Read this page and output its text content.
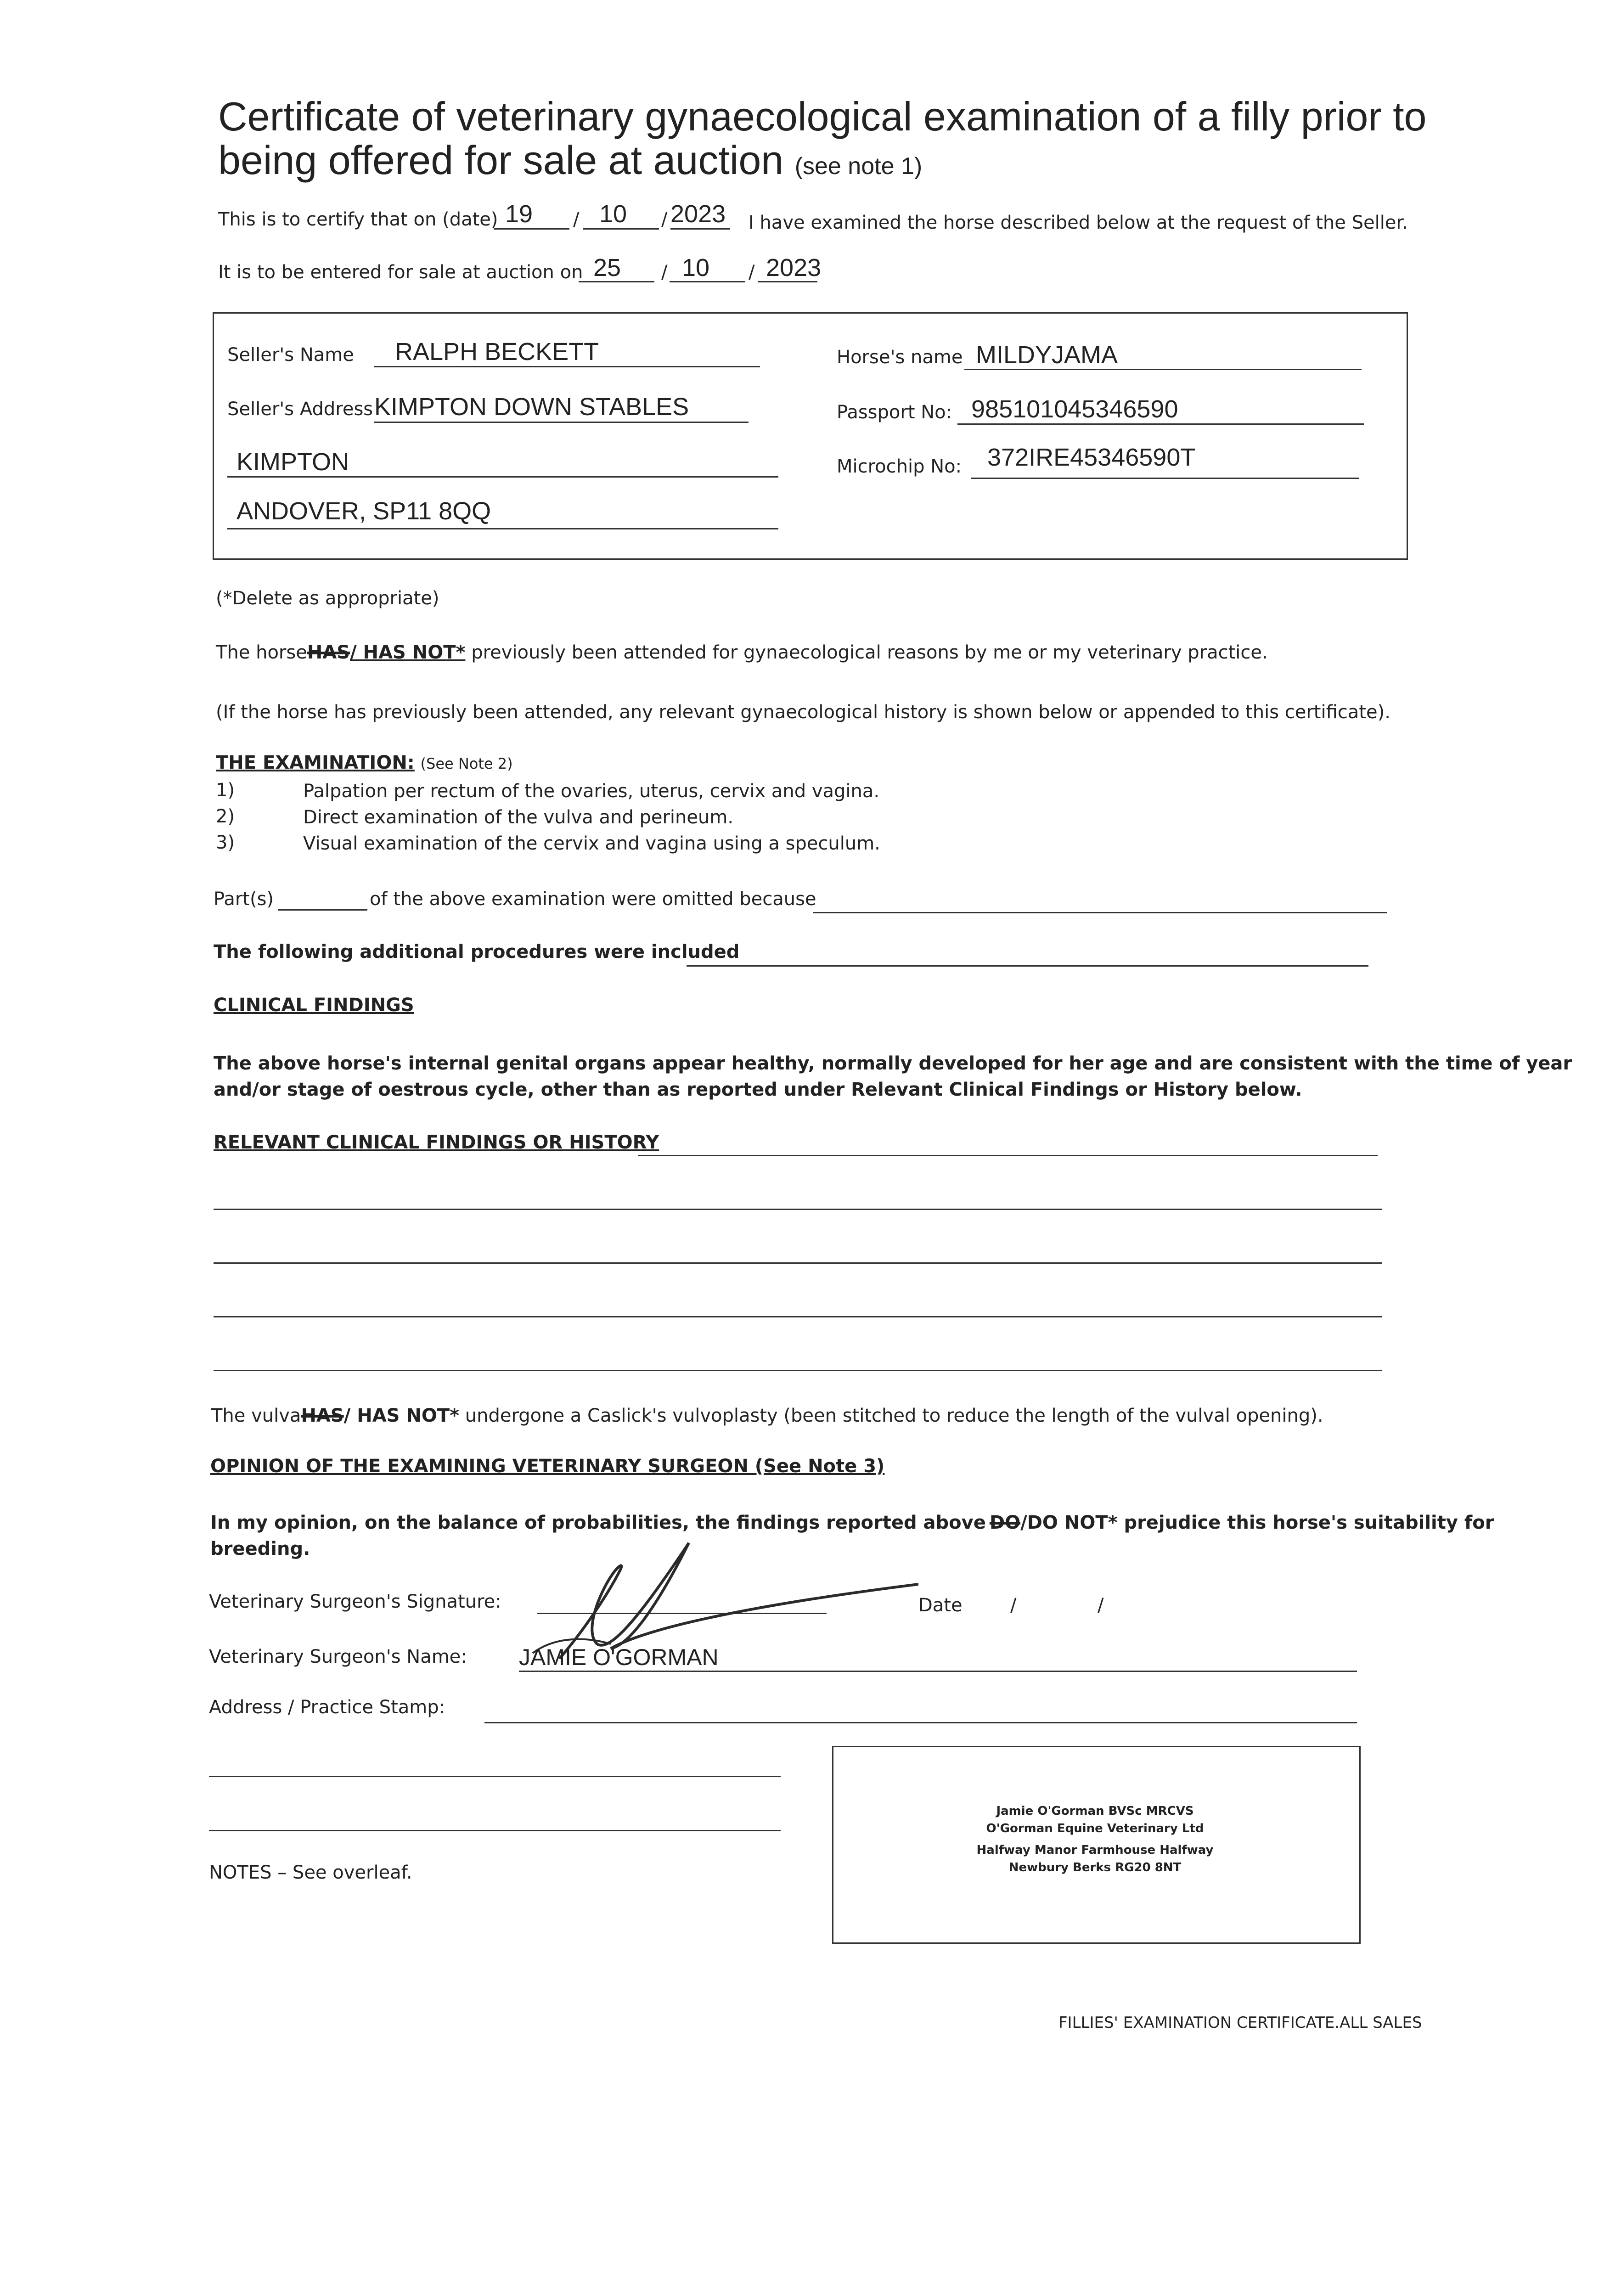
Certificate of veterinary gynaecological examination of a filly prior to
being offered for sale at auction (see note 1)
This is to certify that on (date) 19 / 10 / 2023 I have examined the horse described below at the request of the Seller.
It is to be entered for sale at auction on 25 / 10 / 2023
Seller's Name RALPH BECKETT
Seller's Address KIMPTON DOWN STABLES
KIMPTON
ANDOVER, SP11 8QQ
Horse's name MILDYJAMA
Passport No: 985101045346590
Microchip No: 372IRE45346590T
(*Delete as appropriate)
The horseHAS/ HAS NOT* previously been attended for gynaecological reasons by me or my veterinary practice.
(If the horse has previously been attended, any relevant gynaecological history is shown below or appended to this certificate).
THE EXAMINATION: (See Note 2)
1)	Palpation per rectum of the ovaries, uterus, cervix and vagina.
2)	Direct examination of the vulva and perineum.
3)	Visual examination of the cervix and vagina using a speculum.
Part(s)	of the above examination were omitted because
The following additional procedures were included
CLINICAL FINDINGS
The above horse's internal genital organs appear healthy, normally developed for her age and are consistent with the time of year
and/or stage of oestrous cycle, other than as reported under Relevant Clinical Findings or History below.
RELEVANT CLINICAL FINDINGS OR HISTORY
The vulvaHAS/ HAS NOT* undergone a Caslick's vulvoplasty (been stitched to reduce the length of the vulval opening).
OPINION OF THE EXAMINING VETERINARY SURGEON (See Note 3)
In my opinion, on the balance of probabilities, the findings reported above DO/DO NOT* prejudice this horse's suitability for
breeding.
Veterinary Surgeon's Signature:	Date	/	/
Veterinary Surgeon's Name: JAMIE O'GORMAN
Address / Practice Stamp:
NOTES – See overleaf.
Jamie O'Gorman BVSc MRCVS
O'Gorman Equine Veterinary Ltd
Halfway Manor Farmhouse Halfway
Newbury Berks RG20 8NT
FILLIES' EXAMINATION CERTIFICATE.ALL SALES
